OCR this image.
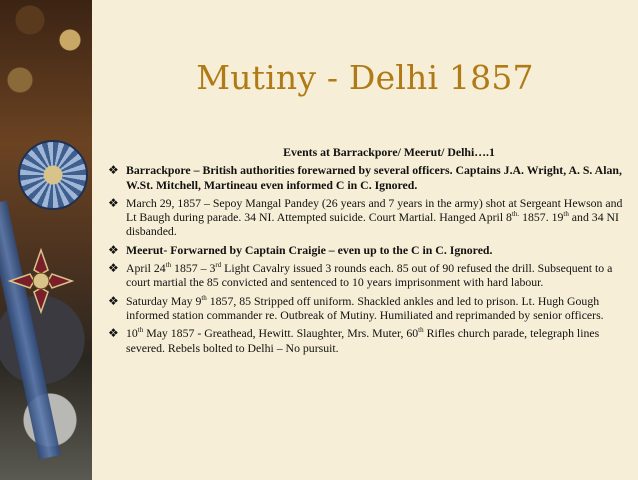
Mutiny - Delhi 1857
Events at Barrackpore/ Meerut/ Delhi….1
❖ Barrackpore – British authorities forewarned by several officers. Captains J.A. Wright, A. S. Alan, W.St. Mitchell, Martineau even informed C in C. Ignored.
❖ March 29, 1857 – Sepoy Mangal Pandey (26 years and 7 years in the army) shot at Sergeant Hewson and Lt Baugh during parade. 34 NI. Attempted suicide. Court Martial. Hanged April $8^{th.}$ 1857. 19th and 34 NI disbanded.
❖ Meerut- Forwarned by Captain Craigie – even up to the C in C. Ignored.
❖ April 24th 1857 – 3rd Light Cavalry issued 3 rounds each. 85 out of 90 refused the drill. Subsequent to a court martial the 85 convicted and sentenced to 10 years imprisonment with hard labour.
❖ Saturday May 9th 1857, 85 Stripped off uniform. Shackled ankles and led to prison. Lt. Hugh Gough informed station commander re. Outbreak of Mutiny. Humiliated and reprimanded by senior officers.
❖ 10th May 1857 - Greathead, Hewitt. Slaughter, Mrs. Muter, 60th Rifles church parade, telegraph lines severed. Rebels bolted to Delhi – No pursuit.
